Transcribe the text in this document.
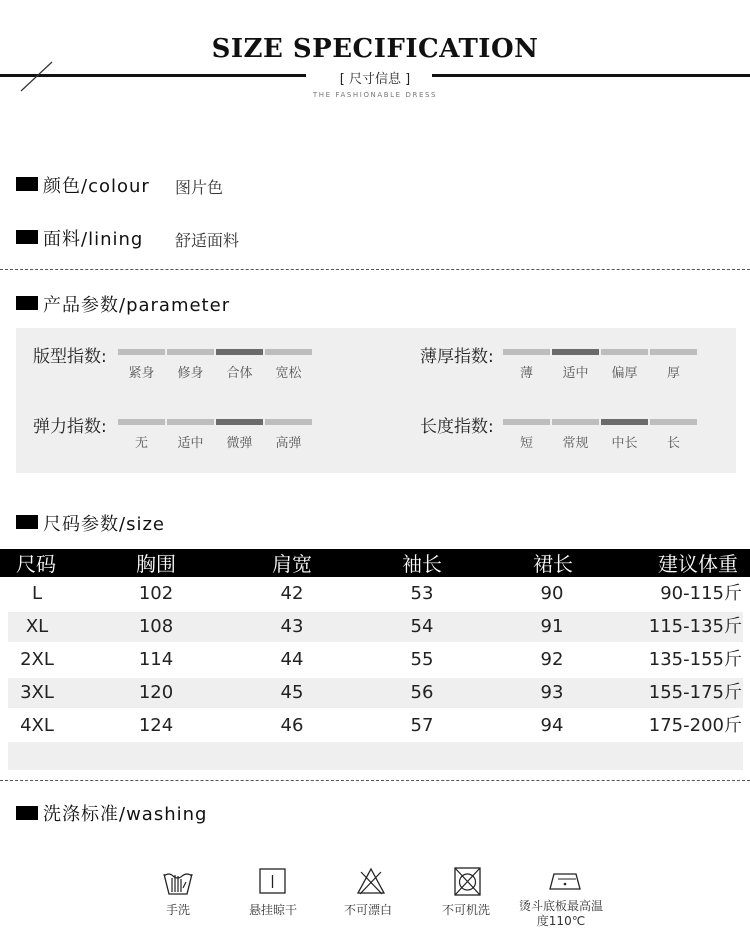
SIZE SPECIFICATION
[ 尺寸信息 ]
THE FASHIONABLE DRESS
颜色/colour 图片色
面料/lining 舒适面料
产品参数/parameter
版型指数:
紧身	修身	合体	宽松
薄厚指数:
薄	适中	偏厚	厚
弹力指数:
无	适中	微弹	高弹
长度指数:
短	常规	中长	长
尺码参数/size
尺码	胸围	肩宽	袖长	裙长	建议体重
L	102	42	53	90	90-115斤
XL	108	43	54	91	115-135斤
2XL	114	44	55	92	135-155斤
3XL	120	45	56	93	155-175斤
4XL	124	46	57	94	175-200斤
洗涤标准/washing
手洗	悬挂晾干	不可漂白	不可机洗	烫斗底板最高温度110℃
